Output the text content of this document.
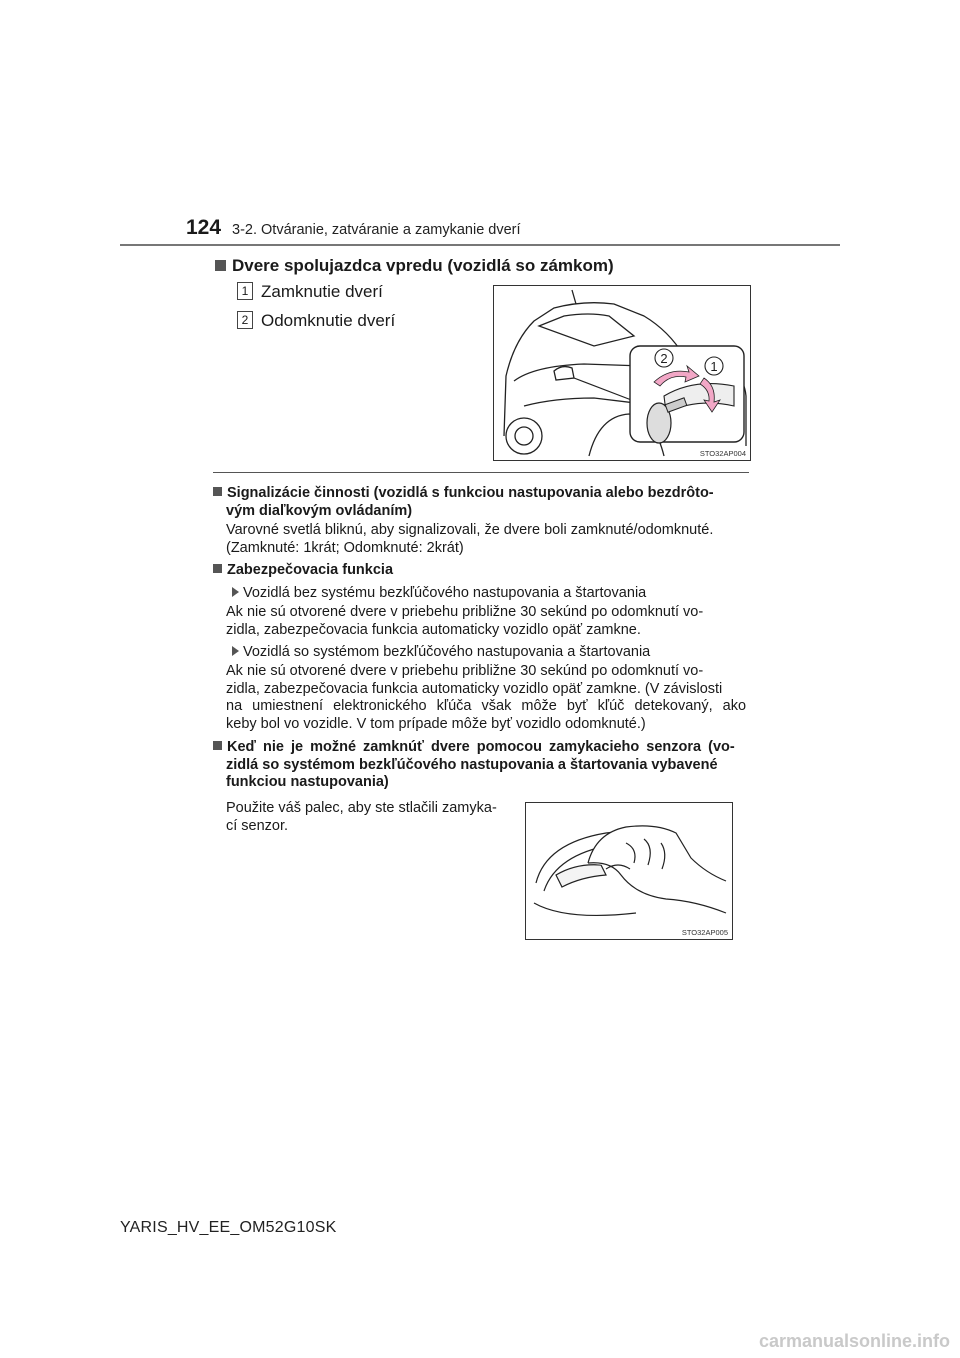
124 3-2. Otváranie, zatváranie a zamykanie dverí
Dvere spolujazdca vpredu (vozidlá so zámkom)
1 Zamknutie dverí
2 Odomknutie dverí
2
1
STO32AP004
Signalizácie činnosti (vozidlá s funkciou nastupovania alebo bezdrôto-
vým diaľkovým ovládaním)
Varovné svetlá bliknú, aby signalizovali, že dvere boli zamknuté/odomknuté.
(Zamknuté: 1krát; Odomknuté: 2krát)
Zabezpečovacia funkcia
Vozidlá bez systému bezkľúčového nastupovania a štartovania
Ak nie sú otvorené dvere v priebehu približne 30 sekúnd po odomknutí vo-
zidla, zabezpečovacia funkcia automaticky vozidlo opäť zamkne.
Vozidlá so systémom bezkľúčového nastupovania a štartovania
Ak nie sú otvorené dvere v priebehu približne 30 sekúnd po odomknutí vo-
zidla, zabezpečovacia funkcia automaticky vozidlo opäť zamkne. (V závislosti
na umiestnení elektronického kľúča však môže byť kľúč detekovaný, ako
keby bol vo vozidle. V tom prípade môže byť vozidlo odomknuté.)
Keď nie je možné zamknúť dvere pomocou zamykacieho senzora (vo-
zidlá so systémom bezkľúčového nastupovania a štartovania vybavené
funkciou nastupovania)
Použite váš palec, aby ste stlačili zamyka-
cí senzor.
STO32AP005
YARIS_HV_EE_OM52G10SK
carmanualsonline.info
